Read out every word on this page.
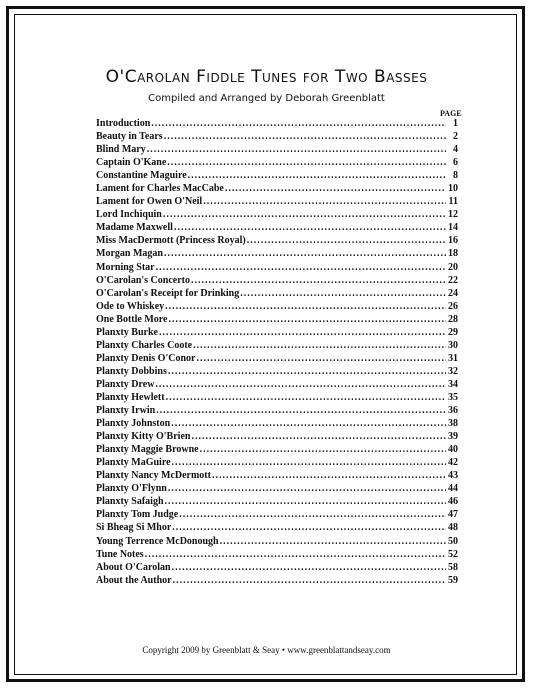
O'Carolan Fiddle Tunes for Two Basses
Compiled and Arranged by Deborah Greenblatt
PAGE
Introduction .....	1
Beauty in Tears .....	2
Blind Mary .....	4
Captain O'Kane .....	6
Constantine Maguire .....	8
Lament for Charles MacCabe .....	10
Lament for Owen O'Neil .....	11
Lord Inchiquin .....	12
Madame Maxwell .....	14
Miss MacDermott (Princess Royal) .....	16
Morgan Magan .....	18
Morning Star .....	20
O'Carolan's Concerto .....	22
O'Carolan's Receipt for Drinking .....	24
Ode to Whiskey .....	26
One Bottle More .....	28
Planxty Burke .....	29
Planxty Charles Coote .....	30
Planxty Denis O'Conor .....	31
Planxty Dobbins .....	32
Planxty Drew .....	34
Planxty Hewlett .....	35
Planxty Irwin .....	36
Planxty Johnston .....	38
Planxty Kitty O'Brien .....	39
Planxty Maggie Browne .....	40
Planxty MaGuire .....	42
Planxty Nancy McDermott .....	43
Planxty O'Flynn .....	44
Planxty Safaigh .....	46
Planxty Tom Judge .....	47
Si Bheag Si Mhor .....	48
Young Terrence McDonough .....	50
Tune Notes .....	52
About O'Carolan .....	58
About the Author .....	59
Copyright 2009 by Greenblatt & Seay • www.greenblattandseay.com
